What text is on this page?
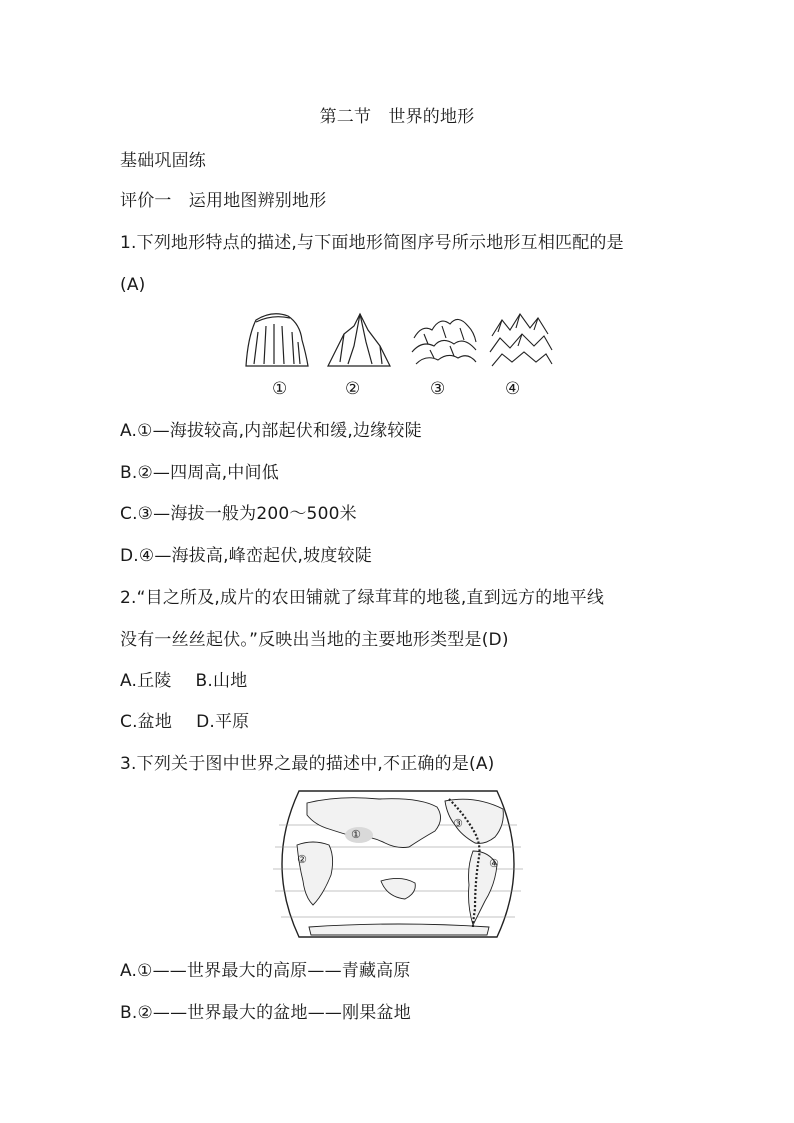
第二节　世界的地形
基础巩固练
评价一　运用地图辨别地形
1.下列地形特点的描述,与下面地形简图序号所示地形互相匹配的是
(A)
①	②	③	④
A.①—海拔较高,内部起伏和缓,边缘较陡
B.②—四周高,中间低
C.③—海拔一般为200～500米
D.④—海拔高,峰峦起伏,坡度较陡
2.“目之所及,成片的农田铺就了绿茸茸的地毯,直到远方的地平线
没有一丝丝起伏。”反映出当地的主要地形类型是(D)
A.丘陵 B.山地
C.盆地 D.平原
3.下列关于图中世界之最的描述中,不正确的是(A)
①
②
③
④
A.①——世界最大的高原——青藏高原
B.②——世界最大的盆地——刚果盆地
